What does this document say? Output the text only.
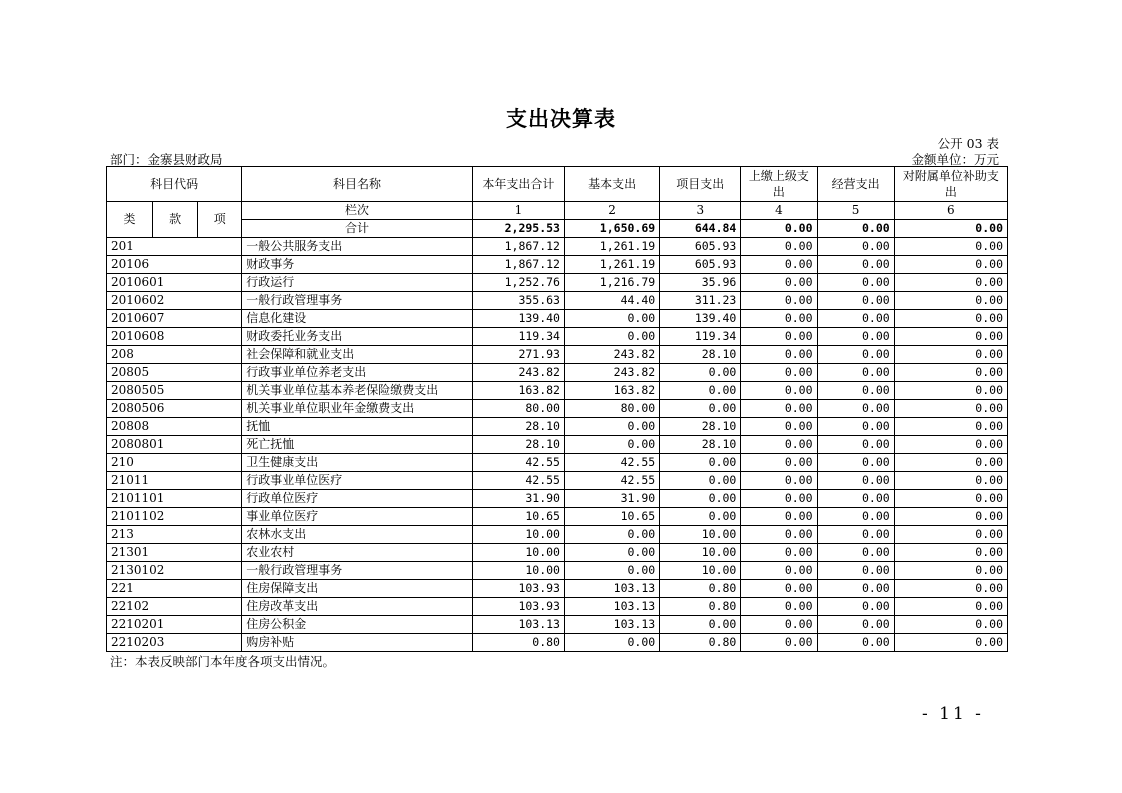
支出决算表
公开 03 表
部门：金寨县财政局	金额单位：万元
科目代码			科目名称	本年支出合计	基本支出	项目支出	上缴上级支出	经营支出	对附属单位补助支出
类	款	项	栏次	1	2	3	4	5	6
			合计	2,295.53	1,650.69	644.84	0.00	0.00	0.00
201			一般公共服务支出	1,867.12	1,261.19	605.93	0.00	0.00	0.00
20106			财政事务	1,867.12	1,261.19	605.93	0.00	0.00	0.00
2010601			行政运行	1,252.76	1,216.79	35.96	0.00	0.00	0.00
2010602			一般行政管理事务	355.63	44.40	311.23	0.00	0.00	0.00
2010607			信息化建设	139.40	0.00	139.40	0.00	0.00	0.00
2010608			财政委托业务支出	119.34	0.00	119.34	0.00	0.00	0.00
208			社会保障和就业支出	271.93	243.82	28.10	0.00	0.00	0.00
20805			行政事业单位养老支出	243.82	243.82	0.00	0.00	0.00	0.00
2080505			机关事业单位基本养老保险缴费支出	163.82	163.82	0.00	0.00	0.00	0.00
2080506			机关事业单位职业年金缴费支出	80.00	80.00	0.00	0.00	0.00	0.00
20808			抚恤	28.10	0.00	28.10	0.00	0.00	0.00
2080801			死亡抚恤	28.10	0.00	28.10	0.00	0.00	0.00
210			卫生健康支出	42.55	42.55	0.00	0.00	0.00	0.00
21011			行政事业单位医疗	42.55	42.55	0.00	0.00	0.00	0.00
2101101			行政单位医疗	31.90	31.90	0.00	0.00	0.00	0.00
2101102			事业单位医疗	10.65	10.65	0.00	0.00	0.00	0.00
213			农林水支出	10.00	0.00	10.00	0.00	0.00	0.00
21301			农业农村	10.00	0.00	10.00	0.00	0.00	0.00
2130102			一般行政管理事务	10.00	0.00	10.00	0.00	0.00	0.00
221			住房保障支出	103.93	103.13	0.80	0.00	0.00	0.00
22102			住房改革支出	103.93	103.13	0.80	0.00	0.00	0.00
2210201			住房公积金	103.13	103.13	0.00	0.00	0.00	0.00
2210203			购房补贴	0.80	0.00	0.80	0.00	0.00	0.00
注：本表反映部门本年度各项支出情况。
- 11 -
